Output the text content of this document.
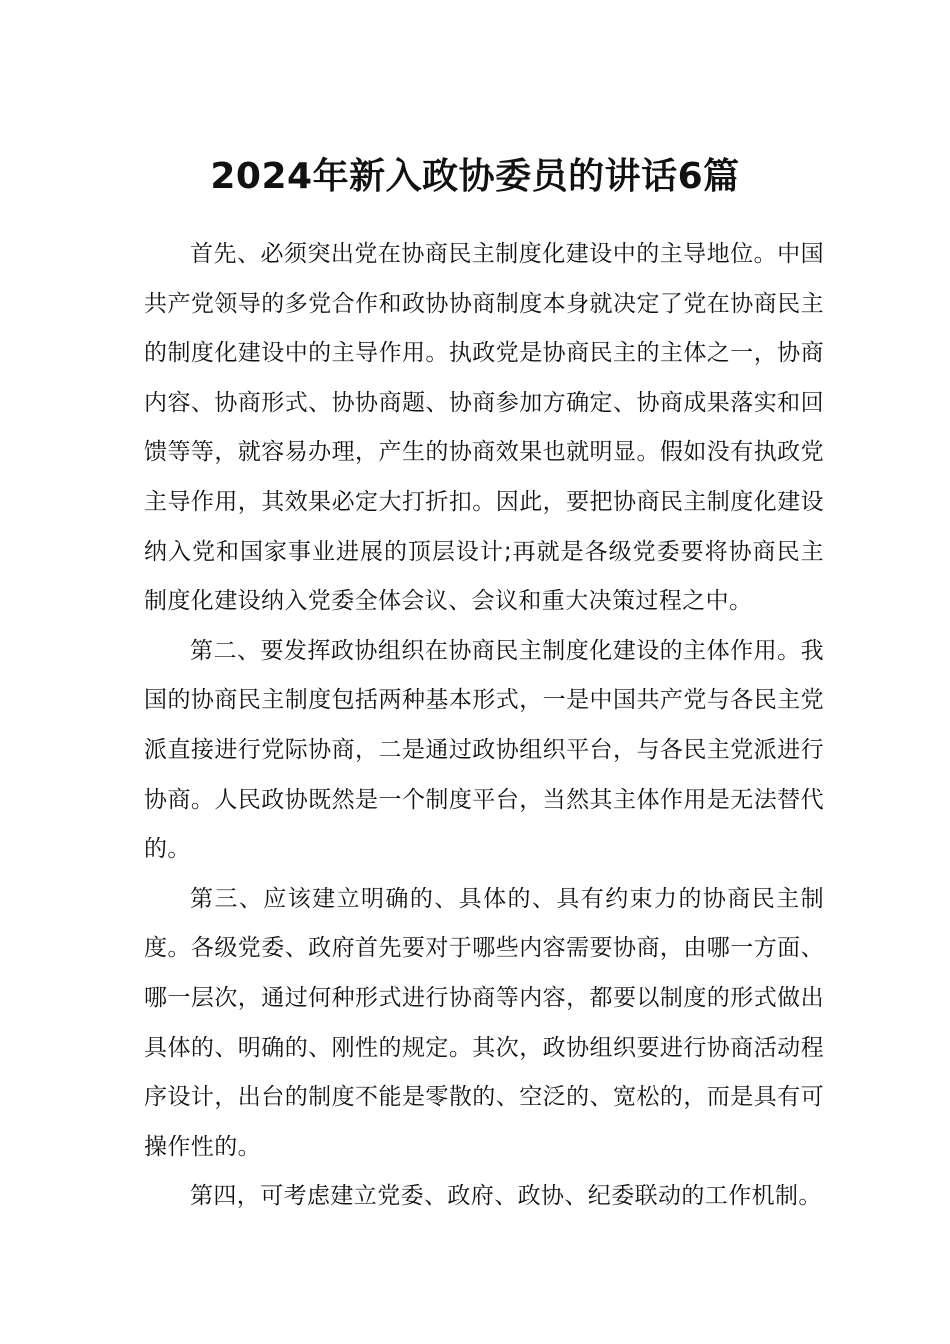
2024年新入政协委员的讲话6篇

首先、必须突出党在协商民主制度化建设中的主导地位。中国共产党领导的多党合作和政协协商制度本身就决定了党在协商民主的制度化建设中的主导作用。执政党是协商民主的主体之一，协商内容、协商形式、协协商题、协商参加方确定、协商成果落实和回馈等等，就容易办理，产生的协商效果也就明显。假如没有执政党主导作用，其效果必定大打折扣。因此，要把协商民主制度化建设纳入党和国家事业进展的顶层设计;再就是各级党委要将协商民主制度化建设纳入党委全体会议、会议和重大决策过程之中。

第二、要发挥政协组织在协商民主制度化建设的主体作用。我国的协商民主制度包括两种基本形式，一是中国共产党与各民主党派直接进行党际协商，二是通过政协组织平台，与各民主党派进行协商。人民政协既然是一个制度平台，当然其主体作用是无法替代的。

第三、应该建立明确的、具体的、具有约束力的协商民主制度。各级党委、政府首先要对于哪些内容需要协商，由哪一方面、哪一层次，通过何种形式进行协商等内容，都要以制度的形式做出具体的、明确的、刚性的规定。其次，政协组织要进行协商活动程序设计，出台的制度不能是零散的、空泛的、宽松的，而是具有可操作性的。

第四，可考虑建立党委、政府、政协、纪委联动的工作机制。
